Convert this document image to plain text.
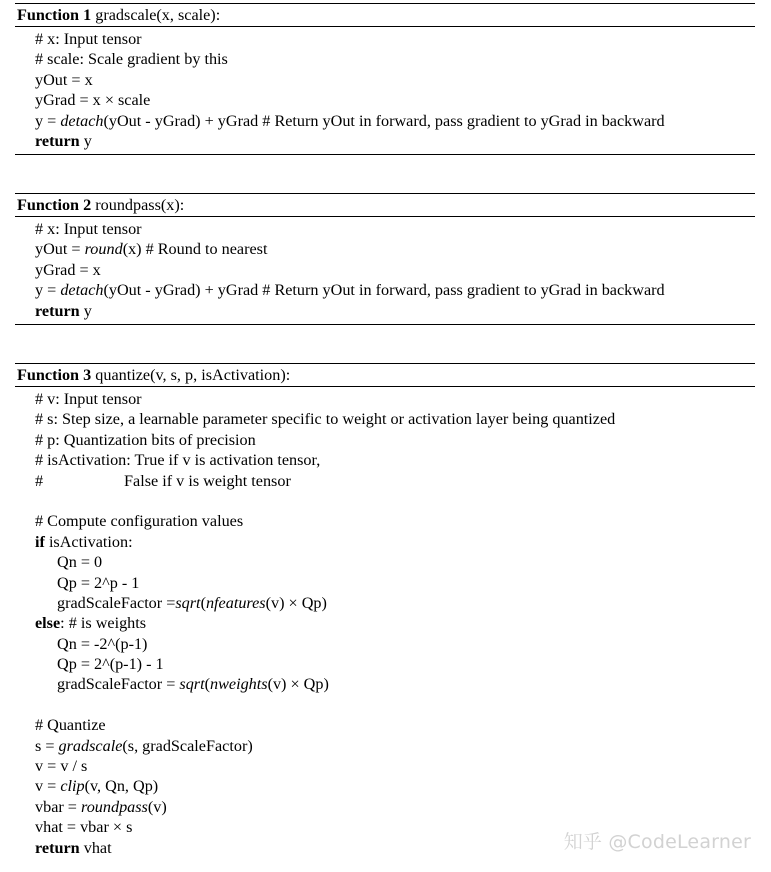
Function 1 gradscale(x, scale):
# x: Input tensor
# scale: Scale gradient by this
yOut = x
yGrad = x × scale
y = detach(yOut - yGrad) + yGrad # Return yOut in forward, pass gradient to yGrad in backward
return y
Function 2 roundpass(x):
# x: Input tensor
yOut = round(x) # Round to nearest
yGrad = x
y = detach(yOut - yGrad) + yGrad # Return yOut in forward, pass gradient to yGrad in backward
return y
Function 3 quantize(v, s, p, isActivation):
# v: Input tensor
# s: Step size, a learnable parameter specific to weight or activation layer being quantized
# p: Quantization bits of precision
# isActivation: True if v is activation tensor,
#                    False if v is weight tensor
# Compute configuration values
if isActivation:
Qn = 0
Qp = 2^p - 1
gradScaleFactor =sqrt(nfeatures(v) × Qp)
else: # is weights
Qn = -2^(p-1)
Qp = 2^(p-1) - 1
gradScaleFactor = sqrt(nweights(v) × Qp)
# Quantize
s = gradscale(s, gradScaleFactor)
v = v / s
v = clip(v, Qn, Qp)
vbar = roundpass(v)
vhat = vbar × s
return vhat	知乎 @CodeLearner
